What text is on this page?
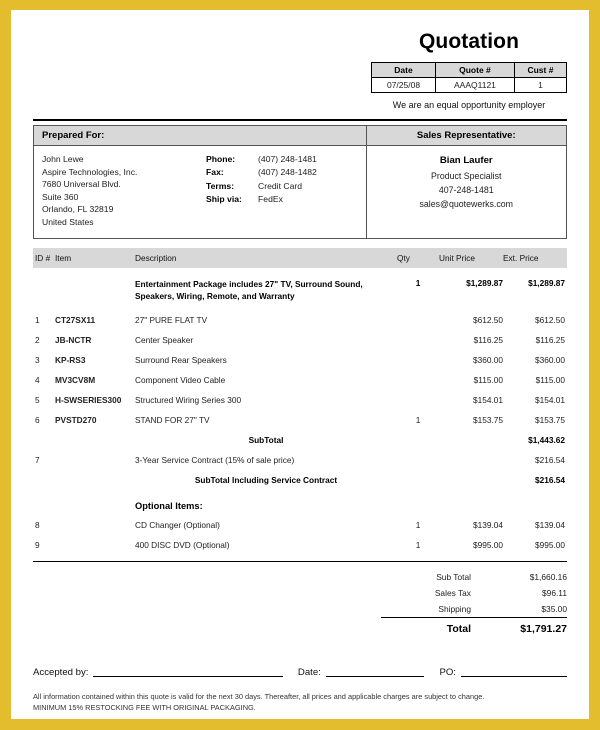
Quotation
Date	Quote #	Cust #
07/25/08	AAAQ1121	1
We are an equal opportunity employer
Prepared For:
John Lewe
Aspire Technologies, Inc.
7680 Universal Blvd.
Suite 360
Orlando, FL 32819
United States
Phone:	(407) 248-1481
Fax:	(407) 248-1482
Terms:	Credit Card
Ship via:	FedEx
Sales Representative:
Bian Laufer
Product Specialist
407-248-1481
sales@quotewerks.com
ID #	Item	Description	Qty	Unit Price	Ext. Price
		Entertainment Package includes 27" TV, Surround Sound, Speakers, Wiring, Remote, and Warranty	1	$1,289.87	$1,289.87
1	CT27SX11	27" PURE FLAT TV		$612.50	$612.50
2	JB-NCTR	Center Speaker		$116.25	$116.25
3	KP-RS3	Surround Rear Speakers		$360.00	$360.00
4	MV3CV8M	Component Video Cable		$115.00	$115.00
5	H-SWSERIES300	Structured Wiring Series 300		$154.01	$154.01
6	PVSTD270	STAND FOR 27" TV	1	$153.75	$153.75
		SubTotal			$1,443.62
7		3-Year Service Contract (15% of sale price)			$216.54
		SubTotal Including Service Contract			$216.54
		Optional Items:			
8		CD Changer (Optional)	1	$139.04	$139.04
9		400 DISC DVD (Optional)	1	$995.00	$995.00
Sub Total	$1,660.16
Sales Tax	$96.11
Shipping	$35.00
Total	$1,791.27
Accepted by:	Date:	PO:
All information contained within this quote is valid for the next 30 days. Thereafter, all prices and applicable charges are subject to change.
MINIMUM 15% RESTOCKING FEE WITH ORIGINAL PACKAGING.
